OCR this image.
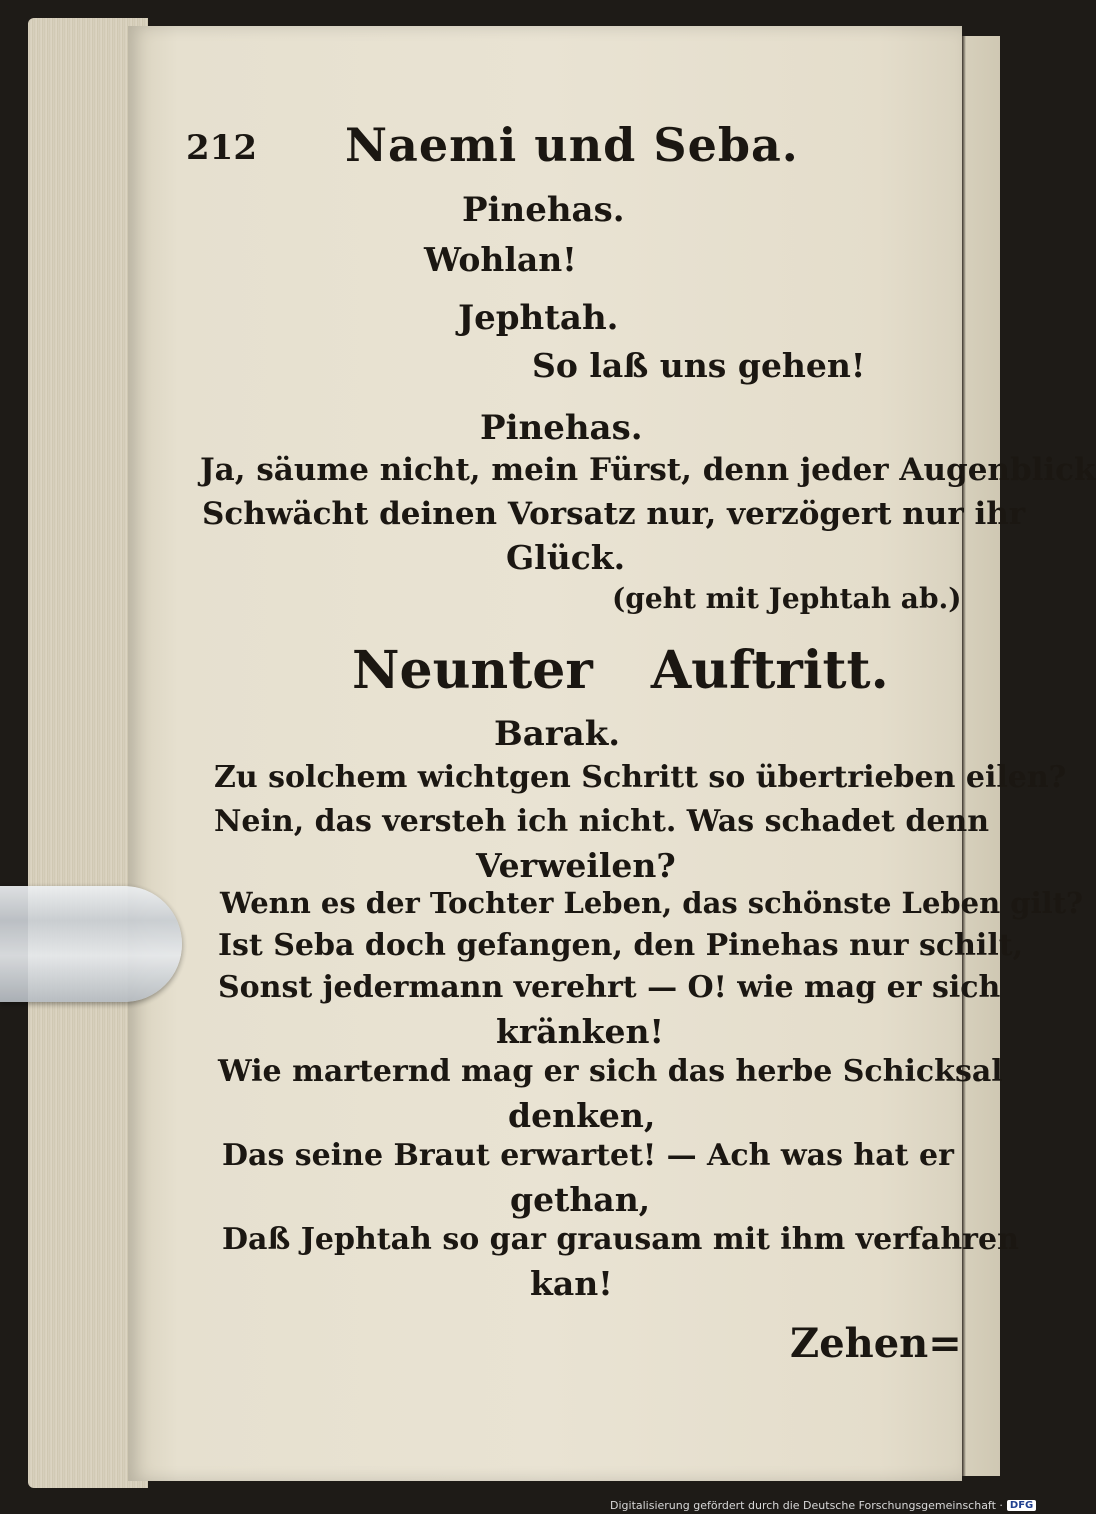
212 Naemi und Seba.
Pinehas.
Wohlan!
Jephtah.
So laß uns gehen!
Pinehas.
Ja, säume nicht, mein Fürst, denn jeder Augenblick
Schwächt deinen Vorsatz nur, verzögert nur ihr
Glück.
(geht mit Jephtah ab.)
Neunter Auftritt.
Barak.
Zu solchem wichtgen Schritt so übertrieben eilen?
Nein, das versteh ich nicht. Was schadet denn
Verweilen?
Wenn es der Tochter Leben, das schönste Leben gilt?
Ist Seba doch gefangen, den Pinehas nur schilt,
Sonst jedermann verehrt — O! wie mag er sich
kränken!
Wie marternd mag er sich das herbe Schicksal
denken,
Das seine Braut erwartet! — Ach was hat er
gethan,
Daß Jephtah so gar grausam mit ihm verfahren
kan!
Zehen=
Digitalisierung gefördert durch die Deutsche Forschungsgemeinschaft · DFG
